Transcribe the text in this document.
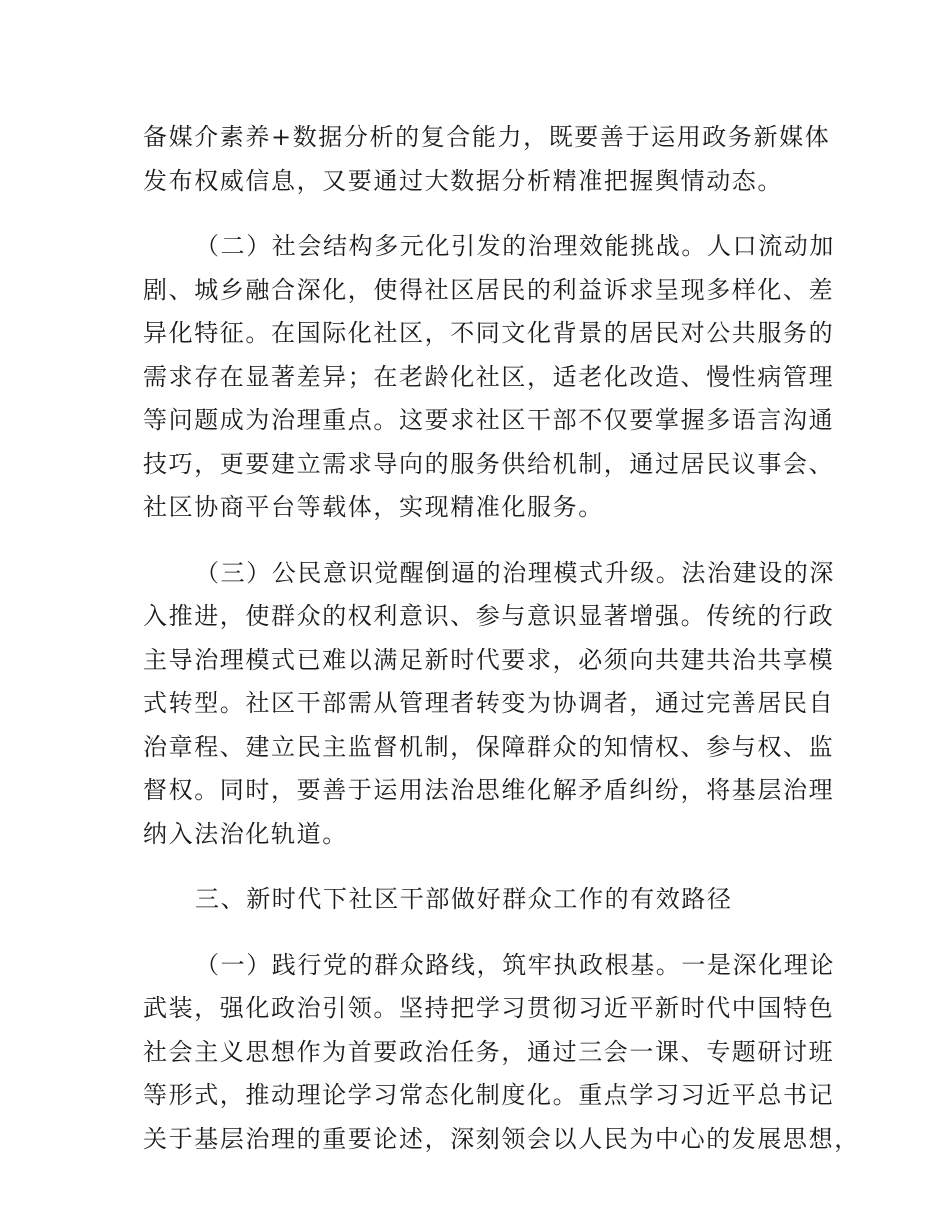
备媒介素养+数据分析的复合能力，既要善于运用政务新媒体
发布权威信息，又要通过大数据分析精准把握舆情动态。
（二）社会结构多元化引发的治理效能挑战。人口流动加
剧、城乡融合深化，使得社区居民的利益诉求呈现多样化、差
异化特征。在国际化社区，不同文化背景的居民对公共服务的
需求存在显著差异；在老龄化社区，适老化改造、慢性病管理
等问题成为治理重点。这要求社区干部不仅要掌握多语言沟通
技巧，更要建立需求导向的服务供给机制，通过居民议事会、
社区协商平台等载体，实现精准化服务。
（三）公民意识觉醒倒逼的治理模式升级。法治建设的深
入推进，使群众的权利意识、参与意识显著增强。传统的行政
主导治理模式已难以满足新时代要求，必须向共建共治共享模
式转型。社区干部需从管理者转变为协调者，通过完善居民自
治章程、建立民主监督机制，保障群众的知情权、参与权、监
督权。同时，要善于运用法治思维化解矛盾纠纷，将基层治理
纳入法治化轨道。
三、新时代下社区干部做好群众工作的有效路径
（一）践行党的群众路线，筑牢执政根基。一是深化理论
武装，强化政治引领。坚持把学习贯彻习近平新时代中国特色
社会主义思想作为首要政治任务，通过三会一课、专题研讨班
等形式，推动理论学习常态化制度化。重点学习习近平总书记
关于基层治理的重要论述，深刻领会以人民为中心的发展思想，
